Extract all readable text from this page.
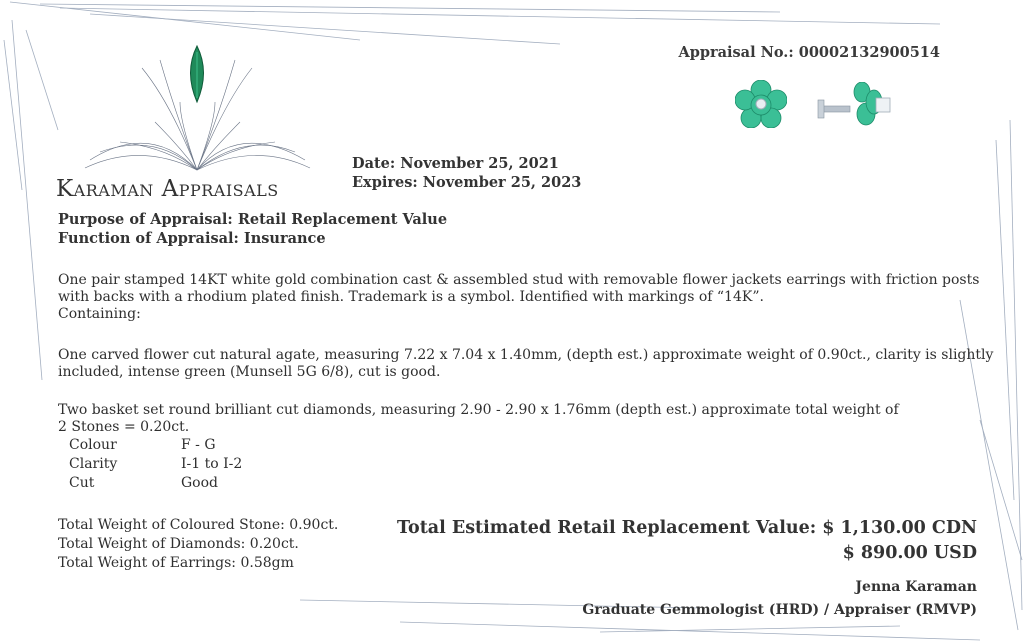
Appraisal No.: 00002132900514
Karaman Appraisals
Date: November 25, 2021
Expires: November 25, 2023
Purpose of Appraisal: Retail Replacement Value
Function of Appraisal: Insurance
One pair stamped 14KT white gold combination cast & assembled stud with removable flower jackets earrings with friction posts
with backs with a rhodium plated finish. Trademark is a symbol. Identified with markings of “14K”.
Containing:
One carved flower cut natural agate, measuring 7.22 x 7.04 x 1.40mm, (depth est.) approximate weight of 0.90ct., clarity is slightly
included, intense green (Munsell 5G 6/8), cut is good.
Two basket set round brilliant cut diamonds, measuring 2.90 - 2.90 x 1.76mm (depth est.) approximate total weight of
2 Stones = 0.20ct.
Colour	F - G
Clarity	I-1 to I-2
Cut	Good
Total Weight of Coloured Stone: 0.90ct.
Total Weight of Diamonds: 0.20ct.
Total Weight of Earrings: 0.58gm
Total Estimated Retail Replacement Value: $ 1,130.00 CDN
$ 890.00 USD
Jenna Karaman
Graduate Gemmologist (HRD) / Appraiser (RMVP)
